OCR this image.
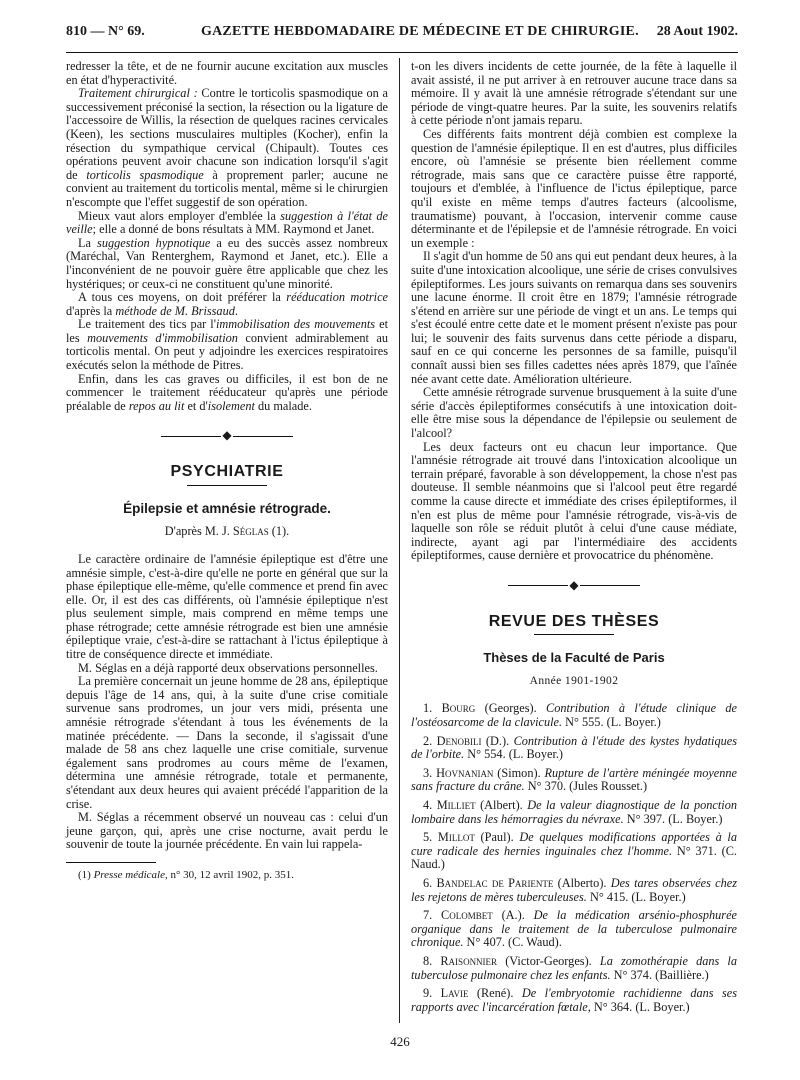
810 — N° 69.	GAZETTE HEBDOMADAIRE DE MÉDECINE ET DE CHIRURGIE. 28 Aout 1902.

redresser la tête, et de ne fournir aucune excitation aux muscles en état d'hyperactivité.

Traitement chirurgical : Contre le torticolis spasmodique on a successivement préconisé la section, la résection ou la ligature de l'accessoire de Willis, la résection de quelques racines cervicales (Keen), les sections musculaires multiples (Kocher), enfin la résection du sympathique cervical (Chipault). Toutes ces opérations peuvent avoir chacune son indication lorsqu'il s'agit de torticolis spasmodique à proprement parler; aucune ne convient au traitement du torticolis mental, même si le chirurgien n'escompte que l'effet suggestif de son opération.

Mieux vaut alors employer d'emblée la suggestion à l'état de veille; elle a donné de bons résultats à MM. Raymond et Janet.

La suggestion hypnotique a eu des succès assez nombreux (Maréchal, Van Renterghem, Raymond et Janet, etc.). Elle a l'inconvénient de ne pouvoir guère être applicable que chez les hystériques; or ceux-ci ne constituent qu'une minorité.

A tous ces moyens, on doit préférer la rééducation motrice d'après la méthode de M. Brissaud.

Le traitement des tics par l'immobilisation des mouvements et les mouvements d'immobilisation convient admirablement au torticolis mental. On peut y adjoindre les exercices respiratoires exécutés selon la méthode de Pitres.

Enfin, dans les cas graves ou difficiles, il est bon de ne commencer le traitement rééducateur qu'après une période préalable de repos au lit et d'isolement du malade.

◆
PSYCHIATRIE
Épilepsie et amnésie rétrograde.
D'après M. J. Séglas (1).

Le caractère ordinaire de l'amnésie épileptique est d'être une amnésie simple, c'est-à-dire qu'elle ne porte en général que sur la phase épileptique elle-même, qu'elle commence et prend fin avec elle. Or, il est des cas différents, où l'amnésie épileptique n'est plus seulement simple, mais comprend en même temps une phase rétrograde; cette amnésie rétrograde est bien une amnésie épileptique vraie, c'est-à-dire se rattachant à l'ictus épileptique à titre de conséquence directe et immédiate.

M. Séglas en a déjà rapporté deux observations personnelles.

La première concernait un jeune homme de 28 ans, épileptique depuis l'âge de 14 ans, qui, à la suite d'une crise comitiale survenue sans prodromes, un jour vers midi, présenta une amnésie rétrograde s'étendant à tous les événements de la matinée précédente. — Dans la seconde, il s'agissait d'une malade de 58 ans chez laquelle une crise comitiale, survenue également sans prodromes au cours même de l'examen, détermina une amnésie rétrograde, totale et permanente, s'étendant aux deux heures qui avaient précédé l'apparition de la crise.

M. Séglas a récemment observé un nouveau cas : celui d'un jeune garçon, qui, après une crise nocturne, avait perdu le souvenir de toute la journée précédente. En vain lui rappela-

(1) Presse médicale, n° 30, 12 avril 1902, p. 351.

t-on les divers incidents de cette journée, de la fête à laquelle il avait assisté, il ne put arriver à en retrouver aucune trace dans sa mémoire. Il y avait là une amnésie rétrograde s'étendant sur une période de vingt-quatre heures. Par la suite, les souvenirs relatifs à cette période n'ont jamais reparu.

Ces différents faits montrent déjà combien est complexe la question de l'amnésie épileptique. Il en est d'autres, plus difficiles encore, où l'amnésie se présente bien réellement comme rétrograde, mais sans que ce caractère puisse être rapporté, toujours et d'emblée, à l'influence de l'ictus épileptique, parce qu'il existe en même temps d'autres facteurs (alcoolisme, traumatisme) pouvant, à l'occasion, intervenir comme cause déterminante et de l'épilepsie et de l'amnésie rétrograde. En voici un exemple :

Il s'agit d'un homme de 50 ans qui eut pendant deux heures, à la suite d'une intoxication alcoolique, une série de crises convulsives épileptiformes. Les jours suivants on remarqua dans ses souvenirs une lacune énorme. Il croit être en 1879; l'amnésie rétrograde s'étend en arrière sur une période de vingt et un ans. Le temps qui s'est écoulé entre cette date et le moment présent n'existe pas pour lui; le souvenir des faits survenus dans cette période a disparu, sauf en ce qui concerne les personnes de sa famille, puisqu'il connaît aussi bien ses filles cadettes nées après 1879, que l'aînée née avant cette date. Amélioration ultérieure.

Cette amnésie rétrograde survenue brusquement à la suite d'une série d'accès épileptiformes consécutifs à une intoxication doit-elle être mise sous la dépendance de l'épilepsie ou seulement de l'alcool?

Les deux facteurs ont eu chacun leur importance. Que l'amnésie rétrograde ait trouvé dans l'intoxication alcoolique un terrain préparé, favorable à son développement, la chose n'est pas douteuse. Il semble néanmoins que si l'alcool peut être regardé comme la cause directe et immédiate des crises épileptiformes, il n'en est plus de même pour l'amnésie rétrograde, vis-à-vis de laquelle son rôle se réduit plutôt à celui d'une cause médiate, indirecte, ayant agi par l'intermédiaire des accidents épileptiformes, cause dernière et provocatrice du phénomène.

◆
REVUE DES THÈSES
Thèses de la Faculté de Paris
Année 1901-1902

1. Bourg (Georges). Contribution à l'étude clinique de l'ostéosarcome de la clavicule. N° 555. (L. Boyer.)

2. Denobili (D.). Contribution à l'étude des kystes hydatiques de l'orbite. N° 554. (L. Boyer.)

3. Hovnanian (Simon). Rupture de l'artère méningée moyenne sans fracture du crâne. N° 370. (Jules Rousset.)

4. Milliet (Albert). De la valeur diagnostique de la ponction lombaire dans les hémorragies du névraxe. N° 397. (L. Boyer.)

5. Millot (Paul). De quelques modifications apportées à la cure radicale des hernies inguinales chez l'homme. N° 371. (C. Naud.)

6. Bandelac de Pariente (Alberto). Des tares observées chez les rejetons de mères tuberculeuses. N° 415. (L. Boyer.)

7. Colombet (A.). De la médication arsénio-phosphurée organique dans le traitement de la tuberculose pulmonaire chronique. N° 407. (C. Waud).

8. Raisonnier (Victor-Georges). La zomothérapie dans la tuberculose pulmonaire chez les enfants. N° 374. (Baillière.)

9. Lavie (René). De l'embryotomie rachidienne dans ses rapports avec l'incarcération fœtale, N° 364. (L. Boyer.)

426
